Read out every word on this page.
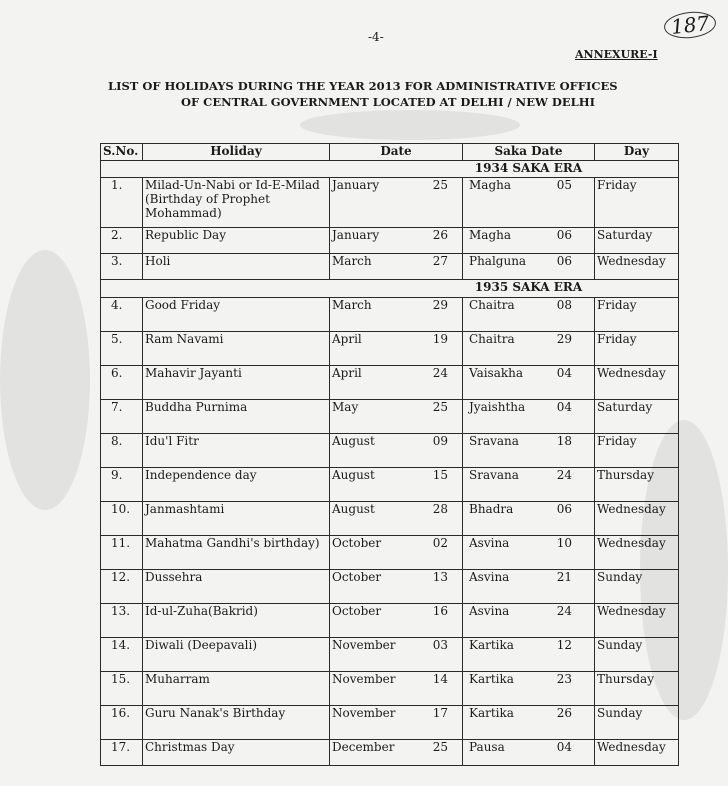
-4-	187
ANNEXURE-I
LIST OF HOLIDAYS DURING THE YEAR 2013 FOR ADMINISTRATIVE OFFICES
OF CENTRAL GOVERNMENT LOCATED AT DELHI / NEW DELHI
S.No.	Holiday	Date	Saka Date	Day
			1934 SAKA ERA	
1.	Milad-Un-Nabi or Id-E-Milad (Birthday of Prophet Mohammad)	January 25	Magha 05	Friday
2.	Republic Day	January 26	Magha 06	Saturday
3.	Holi	March 27	Phalguna 06	Wednesday
			1935 SAKA ERA	
4.	Good Friday	March 29	Chaitra 08	Friday
5.	Ram Navami	April 19	Chaitra 29	Friday
6.	Mahavir Jayanti	April 24	Vaisakha 04	Wednesday
7.	Buddha Purnima	May 25	Jyaishtha 04	Saturday
8.	Idu'l Fitr	August 09	Sravana 18	Friday
9.	Independence day	August 15	Sravana 24	Thursday
10.	Janmashtami	August 28	Bhadra 06	Wednesday
11.	Mahatma Gandhi's birthday)	October 02	Asvina 10	Wednesday
12.	Dussehra	October 13	Asvina 21	Sunday
13.	Id-ul-Zuha(Bakrid)	October 16	Asvina 24	Wednesday
14.	Diwali (Deepavali)	November 03	Kartika 12	Sunday
15.	Muharram	November 14	Kartika 23	Thursday
16.	Guru Nanak's Birthday	November 17	Kartika 26	Sunday
17.	Christmas Day	December 25	Pausa 04	Wednesday
